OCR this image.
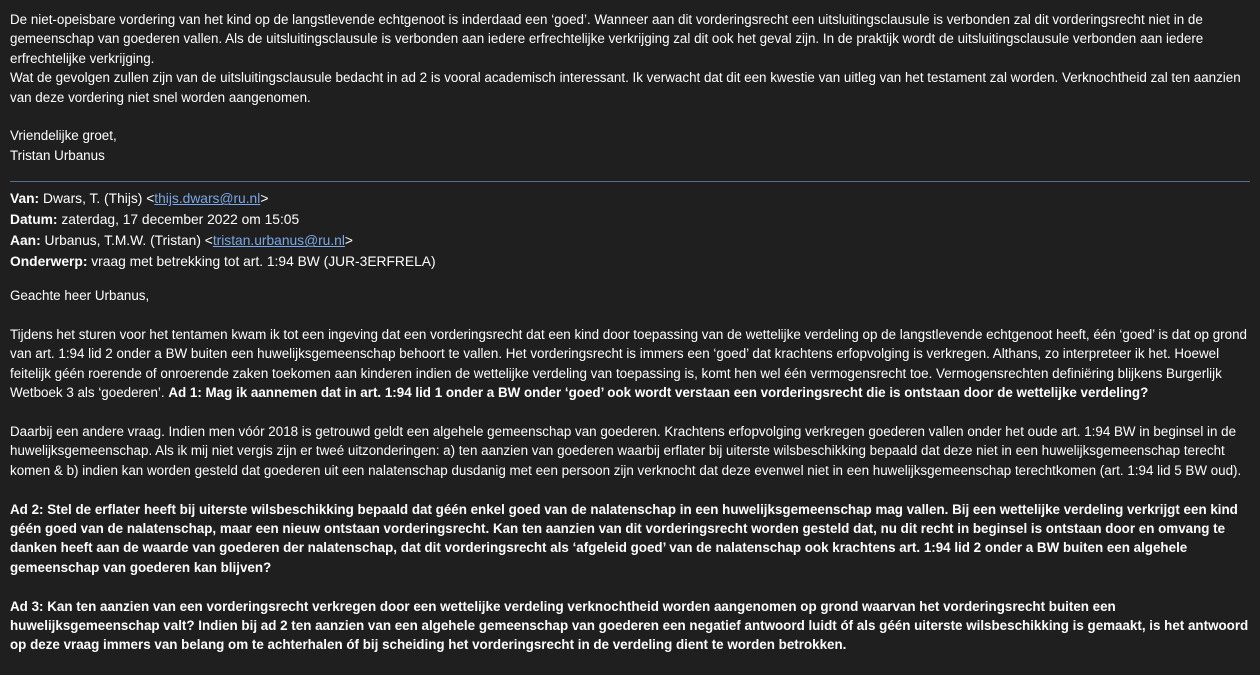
De niet-opeisbare vordering van het kind op de langstlevende echtgenoot is inderdaad een ‘goed’. Wanneer aan dit vorderingsrecht een uitsluitingsclausule is verbonden zal dit vorderingsrecht niet in de gemeenschap van goederen vallen. Als de uitsluitingsclausule is verbonden aan iedere erfrechtelijke verkrijging zal dit ook het geval zijn. In de praktijk wordt de uitsluitingsclausule verbonden aan iedere erfrechtelijke verkrijging.

Wat de gevolgen zullen zijn van de uitsluitingsclausule bedacht in ad 2 is vooral academisch interessant. Ik verwacht dat dit een kwestie van uitleg van het testament zal worden. Verknochtheid zal ten aanzien van deze vordering niet snel worden aangenomen.

Vriendelijke groet,

Tristan Urbanus

Van: Dwars, T. (Thijs) <thijs.dwars@ru.nl>

Datum: zaterdag, 17 december 2022 om 15:05

Aan: Urbanus, T.M.W. (Tristan) <tristan.urbanus@ru.nl>

Onderwerp: vraag met betrekking tot art. 1:94 BW (JUR-3ERFRELA)

Geachte heer Urbanus,

Tijdens het sturen voor het tentamen kwam ik tot een ingeving dat een vorderingsrecht dat een kind door toepassing van de wettelijke verdeling op de langstlevende echtgenoot heeft, één ‘goed’ is dat op grond van art. 1:94 lid 2 onder a BW buiten een huwelijksgemeenschap behoort te vallen. Het vorderingsrecht is immers een ‘goed’ dat krachtens erfopvolging is verkregen. Althans, zo interpreteer ik het. Hoewel feitelijk géén roerende of onroerende zaken toekomen aan kinderen indien de wettelijke verdeling van toepassing is, komt hen wel één vermogensrecht toe. Vermogensrechten definiëring blijkens Burgerlijk Wetboek 3 als ‘goederen’. Ad 1: Mag ik aannemen dat in art. 1:94 lid 1 onder a BW onder ‘goed’ ook wordt verstaan een vorderingsrecht die is ontstaan door de wettelijke verdeling?

Daarbij een andere vraag. Indien men vóór 2018 is getrouwd geldt een algehele gemeenschap van goederen. Krachtens erfopvolging verkregen goederen vallen onder het oude art. 1:94 BW in beginsel in de huwelijksgemeenschap. Als ik mij niet vergis zijn er tweé uitzonderingen: a) ten aanzien van goederen waarbij erflater bij uiterste wilsbeschikking bepaald dat deze niet in een huwelijksgemeenschap terecht komen & b) indien kan worden gesteld dat goederen uit een nalatenschap dusdanig met een persoon zijn verknocht dat deze evenwel niet in een huwelijksgemeenschap terechtkomen (art. 1:94 lid 5 BW oud).

Ad 2: Stel de erflater heeft bij uiterste wilsbeschikking bepaald dat géén enkel goed van de nalatenschap in een huwelijksgemeenschap mag vallen. Bij een wettelijke verdeling verkrijgt een kind géén goed van de nalatenschap, maar een nieuw ontstaan vorderingsrecht. Kan ten aanzien van dit vorderingsrecht worden gesteld dat, nu dit recht in beginsel is ontstaan door en omvang te danken heeft aan de waarde van goederen der nalatenschap, dat dit vorderingsrecht als ‘afgeleid goed’ van de nalatenschap ook krachtens art. 1:94 lid 2 onder a BW buiten een algehele gemeenschap van goederen kan blijven?

Ad 3: Kan ten aanzien van een vorderingsrecht verkregen door een wettelijke verdeling verknochtheid worden aangenomen op grond waarvan het vorderingsrecht buiten een huwelijksgemeenschap valt? Indien bij ad 2 ten aanzien van een algehele gemeenschap van goederen een negatief antwoord luidt óf als géén uiterste wilsbeschikking is gemaakt, is het antwoord op deze vraag immers van belang om te achterhalen óf bij scheiding het vorderingsrecht in de verdeling dient te worden betrokken.
